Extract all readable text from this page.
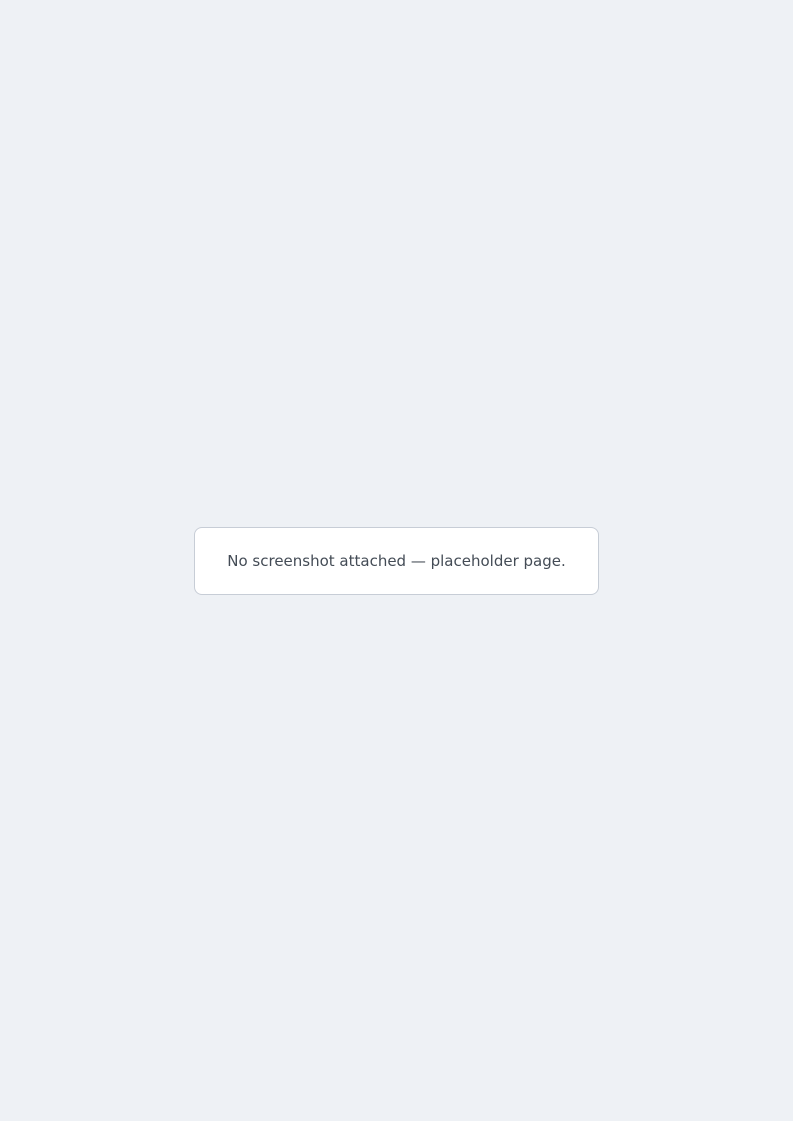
No screenshot attached — placeholder page.
